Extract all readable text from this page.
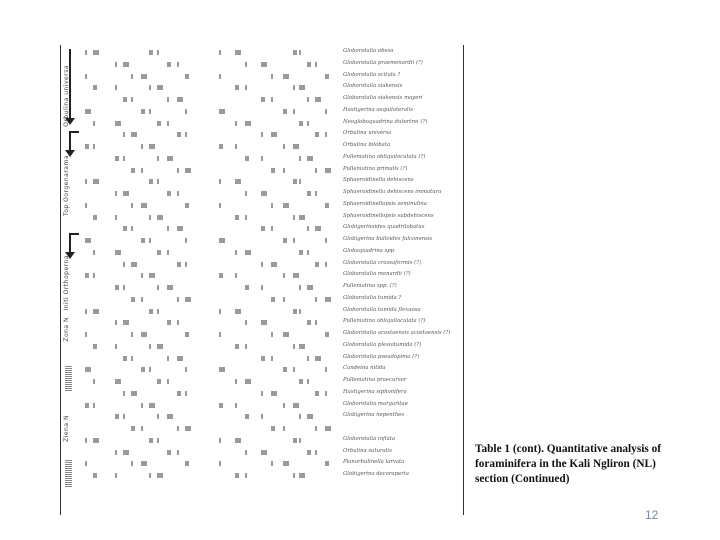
Orbulina universa
Top Oorgenarama
Initi Orthoperna
Zona N
Ziena N
Globorotalia obesa
Globorotalia praemenardii (?)
Globorotalia scitula ?
Globorotalia siakensis
Globorotalia siakensis mayeri
Hastigerina aequilateralis
Neogloboquadrina dutertrei (?)
Orbulina universa
Orbulina bilobata
Pulleniatina obliquiloculata (?)
Pulleniatina primalis (?)
Sphaeroidinella dehiscens
Sphaeroidinella dehiscens immatura
Sphaeroidinellopsis seminulina
Sphaeroidinellopsis subdehiscens
Globigerinoides quadrilobatus
Globigerina bulloides falconensis
Globoquadrina spp.
Globorotalia crassaformis (?)
Globorotalia menardii (?)
Pulleniatina spp. (?)
Globorotalia tumida ?
Globorotalia tumida flexuosa
Pulleniatina obliquiloculata (?)
Globorotalia acostaensis acostaensis (?)
Globorotalia plesiotumida (?)
Globorotalia pseudopima (?)
Candeina nitida
Pulleniatina praecursor
Hastigerina siphonifera
Globorotalia margaritae
Globigerina nepenthes
Globorotalia inflata
Orbulina suturalis
Planorbulinella larvata
Globigerina decoraperta
Table 1 (cont). Quantitative analysis of foraminifera in the Kali Ngliron (NL) section (Continued)
12
